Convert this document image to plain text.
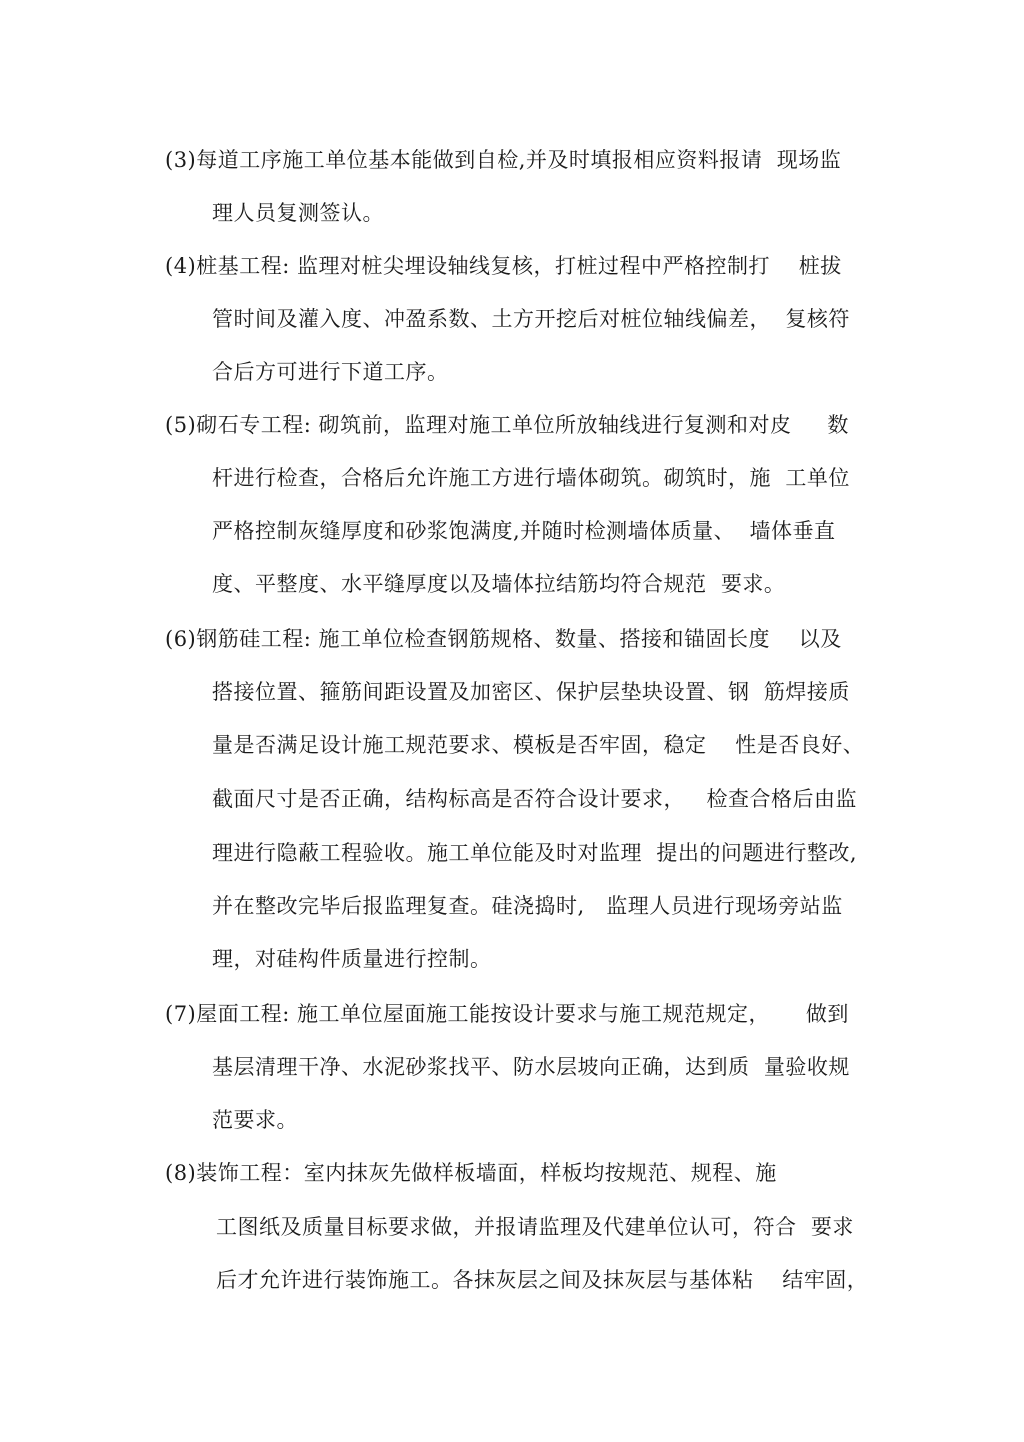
(3)每道工序施工单位基本能做到自检,并及时填报相应资料报请  现场监
理人员复测签认。
(4)桩基工程: 监理对桩尖埋设轴线复核，打桩过程中严格控制打    桩拔
管时间及灌入度、冲盈系数、土方开挖后对桩位轴线偏差，  复核符
合后方可进行下道工序。
(5)砌石专工程: 砌筑前，监理对施工单位所放轴线进行复测和对皮     数
杆进行检查，合格后允许施工方进行墙体砌筑。砌筑时，施  工单位
严格控制灰缝厚度和砂浆饱满度,并随时检测墙体质量、  墙体垂直
度、平整度、水平缝厚度以及墙体拉结筋均符合规范  要求。
(6)钢筋硅工程: 施工单位检查钢筋规格、数量、搭接和锚固长度    以及
搭接位置、箍筋间距设置及加密区、保护层垫块设置、钢  筋焊接质
量是否满足设计施工规范要求、模板是否牢固，稳定    性是否良好、
截面尺寸是否正确，结构标高是否符合设计要求，   检查合格后由监
理进行隐蔽工程验收。施工单位能及时对监理  提出的问题进行整改,
并在整改完毕后报监理复查。硅浇捣时,   监理人员进行现场旁站监
理，对硅构件质量进行控制。
(7)屋面工程: 施工单位屋面施工能按设计要求与施工规范规定，     做到
基层清理干净、水泥砂浆找平、防水层坡向正确，达到质  量验收规
范要求。
(8)装饰工程：室内抹灰先做样板墙面，样板均按规范、规程、施
工图纸及质量目标要求做，并报请监理及代建单位认可，符合  要求
后才允许进行装饰施工。各抹灰层之间及抹灰层与基体粘    结牢固，
